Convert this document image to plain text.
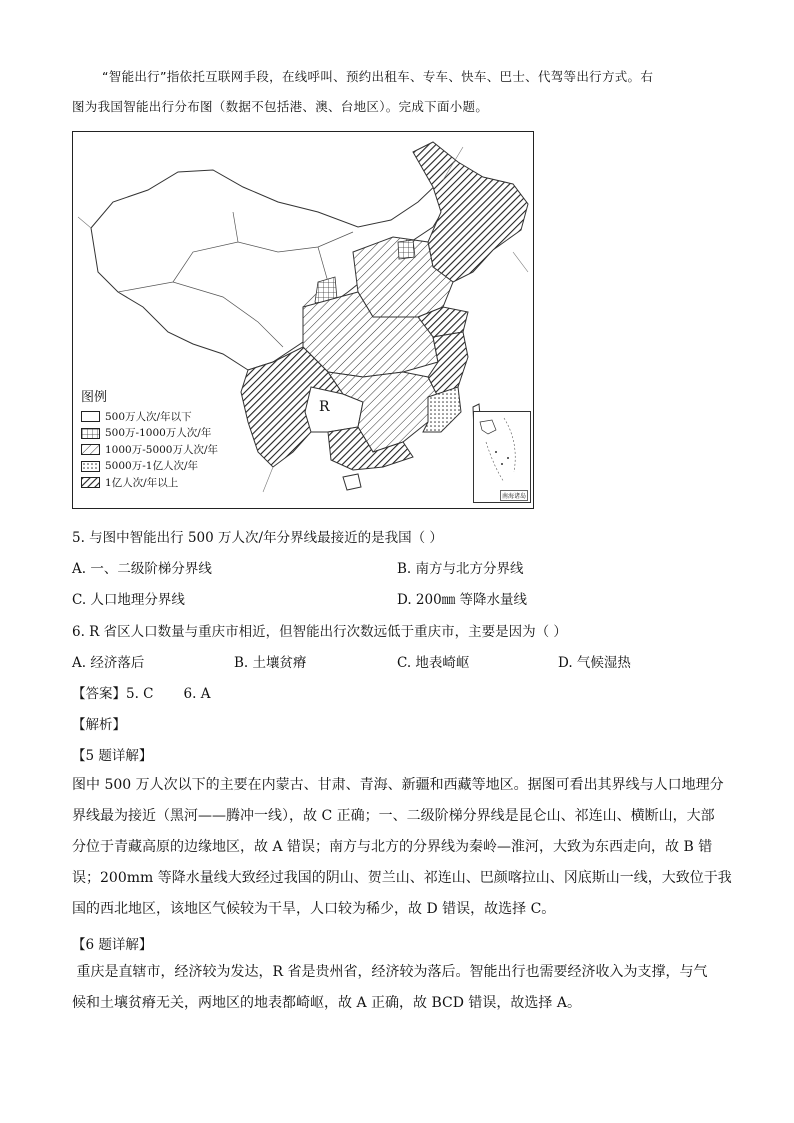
“智能出行”指依托互联网手段，在线呼叫、预约出租车、专车、快车、巴士、代驾等出行方式。右
图为我国智能出行分布图（数据不包括港、澳、台地区）。完成下面小题。
R
图例
500万人次/年以下
500万-1000万人次/年
1000万-5000万人次/年
5000万-1亿人次/年
1亿人次/年以上
南海诸岛
5. 与图中智能出行 500 万人次/年分界线最接近的是我国（ ）
A. 一、二级阶梯分界线	B. 南方与北方分界线
C. 人口地理分界线	D. 200㎜ 等降水量线
6. R 省区人口数量与重庆市相近，但智能出行次数远低于重庆市，主要是因为（ ）
A. 经济落后	B. 土壤贫瘠	C. 地表崎岖	D. 气候湿热
【答案】5. C       6. A
【解析】
【5 题详解】
图中 500 万人次以下的主要在内蒙古、甘肃、青海、新疆和西藏等地区。据图可看出其界线与人口地理分
界线最为接近（黑河——腾冲一线），故 C 正确；一、二级阶梯分界线是昆仑山、祁连山、横断山，大部
分位于青藏高原的边缘地区，故 A 错误；南方与北方的分界线为秦岭—淮河，大致为东西走向，故 B 错
误；200mm 等降水量线大致经过我国的阴山、贺兰山、祁连山、巴颜喀拉山、冈底斯山一线，大致位于我
国的西北地区，该地区气候较为干旱，人口较为稀少，故 D 错误，故选择 C。
【6 题详解】
重庆是直辖市，经济较为发达，R 省是贵州省，经济较为落后。智能出行也需要经济收入为支撑，与气
候和土壤贫瘠无关，两地区的地表都崎岖，故 A 正确，故 BCD 错误，故选择 A。
